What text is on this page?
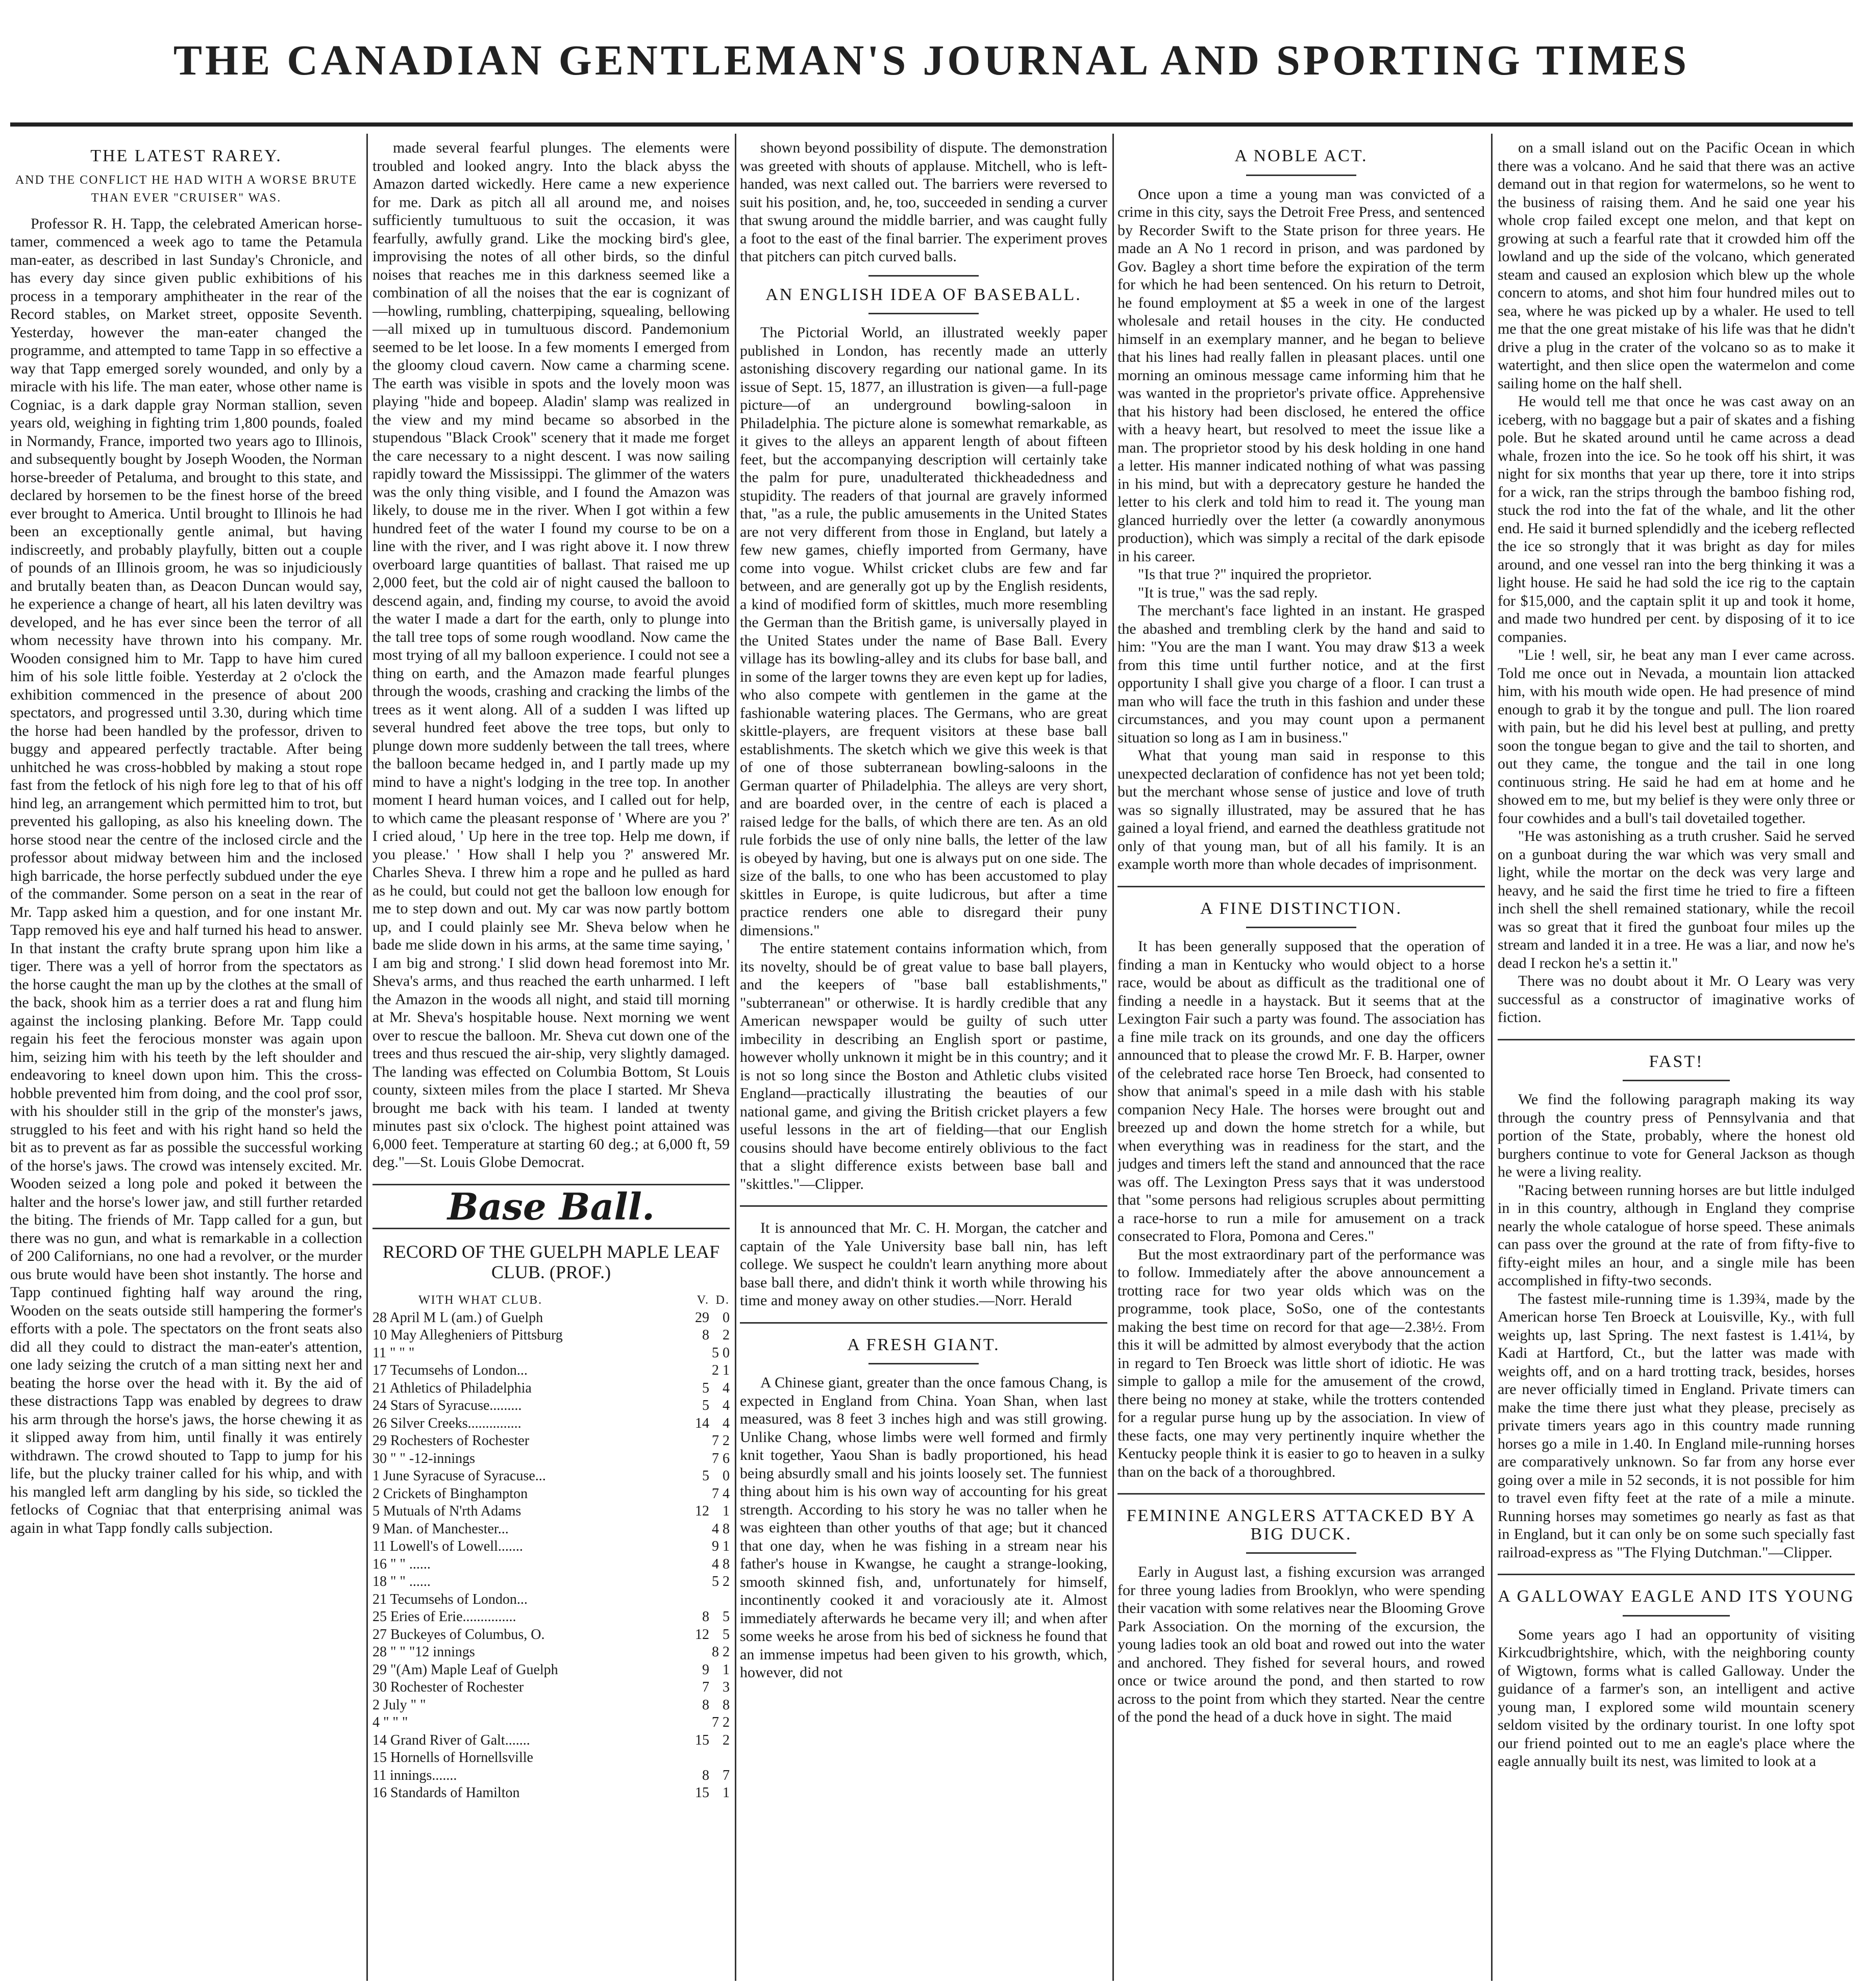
THE CANADIAN GENTLEMAN'S JOURNAL AND SPORTING TIMES
THE LATEST RAREY.
AND THE CONFLICT HE HAD WITH A WORSE BRUTE THAN EVER "CRUISER" WAS.

Professor R. H. Tapp, the celebrated American horse-tamer, commenced a week ago to tame the Petamula man-eater, as described in last Sunday's Chronicle, and has every day since given public exhibitions of his process in a temporary amphitheater in the rear of the Record stables, on Market street, opposite Seventh. Yesterday, however the man-eater changed the programme, and attempted to tame Tapp in so effective a way that Tapp emerged sorely wounded, and only by a miracle with his life. The man eater, whose other name is Cogniac, is a dark dapple gray Norman stallion, seven years old, weighing in fighting trim 1,800 pounds, foaled in Normandy, France, imported two years ago to Illinois, and subsequently bought by Joseph Wooden, the Norman horse-breeder of Petaluma, and brought to this state, and declared by horsemen to be the finest horse of the breed ever brought to America. Until brought to Illinois he had been an exceptionally gentle animal, but having indiscreetly, and probably playfully, bitten out a couple of pounds of an Illinois groom, he was so injudiciously and brutally beaten than, as Deacon Duncan would say, he experience a change of heart, all his laten deviltry was developed, and he has ever since been the terror of all whom necessity have thrown into his company. Mr. Wooden consigned him to Mr. Tapp to have him cured him of his sole little foible. Yesterday at 2 o'clock the exhibition commenced in the presence of about 200 spectators, and progressed until 3.30, during which time the horse had been handled by the professor, driven to buggy and appeared perfectly tractable. After being unhitched he was cross-hobbled by making a stout rope fast from the fetlock of his nigh fore leg to that of his off hind leg, an arrangement which permitted him to trot, but prevented his galloping, as also his kneeling down. The horse stood near the centre of the inclosed circle and the professor about midway between him and the inclosed high barricade, the horse perfectly subdued under the eye of the commander. Some person on a seat in the rear of Mr. Tapp asked him a question, and for one instant Mr. Tapp removed his eye and half turned his head to answer. In that instant the crafty brute sprang upon him like a tiger. There was a yell of horror from the spectators as the horse caught the man up by the clothes at the small of the back, shook him as a terrier does a rat and flung him against the inclosing planking. Before Mr. Tapp could regain his feet the ferocious monster was again upon him, seizing him with his teeth by the left shoulder and endeavoring to kneel down upon him. This the cross-hobble prevented him from doing, and the cool prof ssor, with his shoulder still in the grip of the monster's jaws, struggled to his feet and with his right hand so held the bit as to prevent as far as possible the successful working of the horse's jaws. The crowd was intensely excited. Mr. Wooden seized a long pole and poked it between the halter and the horse's lower jaw, and still further retarded the biting. The friends of Mr. Tapp called for a gun, but there was no gun, and what is remarkable in a collection of 200 Californians, no one had a revolver, or the murder ous brute would have been shot instantly. The horse and Tapp continued fighting half way around the ring, Wooden on the seats outside still hampering the former's efforts with a pole. The spectators on the front seats also did all they could to distract the man-eater's attention, one lady seizing the crutch of a man sitting next her and beating the horse over the head with it. By the aid of these distractions Tapp was enabled by degrees to draw his arm through the horse's jaws, the horse chewing it as it slipped away from him, until finally it was entirely withdrawn. The crowd shouted to Tapp to jump for his life, but the plucky trainer called for his whip, and with his mangled left arm dangling by his side, so tickled the fetlocks of Cogniac that that enterprising animal was again in what Tapp fondly calls subjection.

made several fearful plunges. The elements were troubled and looked angry. Into the black abyss the Amazon darted wickedly. Here came a new experience for me. Dark as pitch all all around me, and noises sufficiently tumultuous to suit the occasion, it was fearfully, awfully grand. Like the mocking bird's glee, improvising the notes of all other birds, so the dinful noises that reaches me in this darkness seemed like a combination of all the noises that the ear is cognizant of—howling, rumbling, chatterpiping, squealing, bellowing—all mixed up in tumultuous discord. Pandemonium seemed to be let loose. In a few moments I emerged from the gloomy cloud cavern. Now came a charming scene. The earth was visible in spots and the lovely moon was playing "hide and bopeep. Aladin' slamp was realized in the view and my mind became so absorbed in the stupendous "Black Crook" scenery that it made me forget the care necessary to a night descent. I was now sailing rapidly toward the Mississippi. The glimmer of the waters was the only thing visible, and I found the Amazon was likely, to douse me in the river. When I got within a few hundred feet of the water I found my course to be on a line with the river, and I was right above it. I now threw overboard large quantities of ballast. That raised me up 2,000 feet, but the cold air of night caused the balloon to descend again, and, finding my course, to avoid the avoid the water I made a dart for the earth, only to plunge into the tall tree tops of some rough woodland. Now came the most trying of all my balloon experience. I could not see a thing on earth, and the Amazon made fearful plunges through the woods, crashing and cracking the limbs of the trees as it went along. All of a sudden I was lifted up several hundred feet above the tree tops, but only to plunge down more suddenly between the tall trees, where the balloon became hedged in, and I partly made up my mind to have a night's lodging in the tree top. In another moment I heard human voices, and I called out for help, to which came the pleasant response of ' Where are you ?' I cried aloud, ' Up here in the tree top. Help me down, if you please.' ' How shall I help you ?' answered Mr. Charles Sheva. I threw him a rope and he pulled as hard as he could, but could not get the balloon low enough for me to step down and out. My car was now partly bottom up, and I could plainly see Mr. Sheva below when he bade me slide down in his arms, at the same time saying, ' I am big and strong.' I slid down head foremost into Mr. Sheva's arms, and thus reached the earth unharmed. I left the Amazon in the woods all night, and staid till morning at Mr. Sheva's hospitable house. Next morning we went over to rescue the balloon. Mr. Sheva cut down one of the trees and thus rescued the air-ship, very slightly damaged. The landing was effected on Columbia Bottom, St Louis county, sixteen miles from the place I started. Mr Sheva brought me back with his team. I landed at twenty minutes past six o'clock. The highest point attained was 6,000 feet. Temperature at starting 60 deg.; at 6,000 ft, 59 deg."—St. Louis Globe Democrat.

Base Ball.
RECORD OF THE GUELPH MAPLE LEAF CLUB. (PROF.)
WITH WHAT CLUB.	V.	D.
28 April M L (am.) of Guelph	29	0
10 May Allegheniers of Pittsburg	8	2
11 " " "		5 0
17 Tecumsehs of London...		2 1
21 Athletics of Philadelphia	5	4
24 Stars of Syracuse.........	5	4
26 Silver Creeks...............	14	4
29 Rochesters of Rochester		7 2
30 " " -12-innings		7 6
1 June Syracuse of Syracuse...	5	0
2 Crickets of Binghampton		7 4
5 Mutuals of N'rth Adams	12	1
9 Man. of Manchester...		4 8
11 Lowell's of Lowell.......		9 1
16 " " ......		4 8
18 " " ......		5 2
21 Tecumsehs of London...		
25 Eries of Erie...............	8	5
27 Buckeyes of Columbus, O.	12	5
28 " " "12 innings		8 2
29 "(Am) Maple Leaf of Guelph	9	1
30 Rochester of Rochester	7	3
2 July " "	8	8
4 " " "		7 2
14 Grand River of Galt.......	15	2
15 Hornells of Hornellsville		
11 innings.......	8	7
16 Standards of Hamilton	15	1

shown beyond possibility of dispute. The demonstration was greeted with shouts of applause. Mitchell, who is left-handed, was next called out. The barriers were reversed to suit his position, and, he, too, succeeded in sending a curver that swung around the middle barrier, and was caught fully a foot to the east of the final barrier. The experiment proves that pitchers can pitch curved balls.

AN ENGLISH IDEA OF BASEBALL.

The Pictorial World, an illustrated weekly paper published in London, has recently made an utterly astonishing discovery regarding our national game. In its issue of Sept. 15, 1877, an illustration is given—a full-page picture—of an underground bowling-saloon in Philadelphia. The picture alone is somewhat remarkable, as it gives to the alleys an apparent length of about fifteen feet, but the accompanying description will certainly take the palm for pure, unadulterated thickheadedness and stupidity. The readers of that journal are gravely informed that, "as a rule, the public amusements in the United States are not very different from those in England, but lately a few new games, chiefly imported from Germany, have come into vogue. Whilst cricket clubs are few and far between, and are generally got up by the English residents, a kind of modified form of skittles, much more resembling the German than the British game, is universally played in the United States under the name of Base Ball. Every village has its bowling-alley and its clubs for base ball, and in some of the larger towns they are even kept up for ladies, who also compete with gentlemen in the game at the fashionable watering places. The Germans, who are great skittle-players, are frequent visitors at these base ball establishments. The sketch which we give this week is that of one of those subterranean bowling-saloons in the German quarter of Philadelphia. The alleys are very short, and are boarded over, in the centre of each is placed a raised ledge for the balls, of which there are ten. As an old rule forbids the use of only nine balls, the letter of the law is obeyed by having, but one is always put on one side. The size of the balls, to one who has been accustomed to play skittles in Europe, is quite ludicrous, but after a time practice renders one able to disregard their puny dimensions."

The entire statement contains information which, from its novelty, should be of great value to base ball players, and the keepers of "base ball establishments," "subterranean" or otherwise. It is hardly credible that any American newspaper would be guilty of such utter imbecility in describing an English sport or pastime, however wholly unknown it might be in this country; and it is not so long since the Boston and Athletic clubs visited England—practically illustrating the beauties of our national game, and giving the British cricket players a few useful lessons in the art of fielding—that our English cousins should have become entirely oblivious to the fact that a slight difference exists between base ball and "skittles."—Clipper.

It is announced that Mr. C. H. Morgan, the catcher and captain of the Yale University base ball nin, has left college. We suspect he couldn't learn anything more about base ball there, and didn't think it worth while throwing his time and money away on other studies.—Norr. Herald

A FRESH GIANT.

A Chinese giant, greater than the once famous Chang, is expected in England from China. Yoan Shan, when last measured, was 8 feet 3 inches high and was still growing. Unlike Chang, whose limbs were well formed and firmly knit together, Yaou Shan is badly proportioned, his head being absurdly small and his joints loosely set. The funniest thing about him is his own way of accounting for his great strength. According to his story he was no taller when he was eighteen than other youths of that age; but it chanced that one day, when he was fishing in a stream near his father's house in Kwangse, he caught a strange-looking, smooth skinned fish, and, unfortunately for himself, incontinently cooked it and voraciously ate it. Almost immediately afterwards he became very ill; and when after some weeks he arose from his bed of sickness he found that an immense impetus had been given to his growth, which, however, did not

A NOBLE ACT.

Once upon a time a young man was convicted of a crime in this city, says the Detroit Free Press, and sentenced by Recorder Swift to the State prison for three years. He made an A No 1 record in prison, and was pardoned by Gov. Bagley a short time before the expiration of the term for which he had been sentenced. On his return to Detroit, he found employment at $5 a week in one of the largest wholesale and retail houses in the city. He conducted himself in an exemplary manner, and he began to believe that his lines had really fallen in pleasant places. until one morning an ominous message came informing him that he was wanted in the proprietor's private office. Apprehensive that his history had been disclosed, he entered the office with a heavy heart, but resolved to meet the issue like a man. The proprietor stood by his desk holding in one hand a letter. His manner indicated nothing of what was passing in his mind, but with a deprecatory gesture he handed the letter to his clerk and told him to read it. The young man glanced hurriedly over the letter (a cowardly anonymous production), which was simply a recital of the dark episode in his career.

"Is that true ?" inquired the proprietor.

"It is true," was the sad reply.

The merchant's face lighted in an instant. He grasped the abashed and trembling clerk by the hand and said to him: "You are the man I want. You may draw $13 a week from this time until further notice, and at the first opportunity I shall give you charge of a floor. I can trust a man who will face the truth in this fashion and under these circumstances, and you may count upon a permanent situation so long as I am in business."

What that young man said in response to this unexpected declaration of confidence has not yet been told; but the merchant whose sense of justice and love of truth was so signally illustrated, may be assured that he has gained a loyal friend, and earned the deathless gratitude not only of that young man, but of all his family. It is an example worth more than whole decades of imprisonment.

A FINE DISTINCTION.

It has been generally supposed that the operation of finding a man in Kentucky who would object to a horse race, would be about as difficult as the traditional one of finding a needle in a haystack. But it seems that at the Lexington Fair such a party was found. The association has a fine mile track on its grounds, and one day the officers announced that to please the crowd Mr. F. B. Harper, owner of the celebrated race horse Ten Broeck, had consented to show that animal's speed in a mile dash with his stable companion Necy Hale. The horses were brought out and breezed up and down the home stretch for a while, but when everything was in readiness for the start, and the judges and timers left the stand and announced that the race was off. The Lexington Press says that it was understood that "some persons had religious scruples about permitting a race-horse to run a mile for amusement on a track consecrated to Flora, Pomona and Ceres."

But the most extraordinary part of the performance was to follow. Immediately after the above announcement a trotting race for two year olds which was on the programme, took place, SoSo, one of the contestants making the best time on record for that age—2.38½. From this it will be admitted by almost everybody that the action in regard to Ten Broeck was little short of idiotic. He was simple to gallop a mile for the amusement of the crowd, there being no money at stake, while the trotters contended for a regular purse hung up by the association. In view of these facts, one may very pertinently inquire whether the Kentucky people think it is easier to go to heaven in a sulky than on the back of a thoroughbred.

FEMININE ANGLERS ATTACKED BY A BIG DUCK.

Early in August last, a fishing excursion was arranged for three young ladies from Brooklyn, who were spending their vacation with some relatives near the Blooming Grove Park Association. On the morning of the excursion, the young ladies took an old boat and rowed out into the water and anchored. They fished for several hours, and rowed once or twice around the pond, and then started to row across to the point from which they started. Near the centre of the pond the head of a duck hove in sight. The maid

on a small island out on the Pacific Ocean in which there was a volcano. And he said that there was an active demand out in that region for watermelons, so he went to the business of raising them. And he said one year his whole crop failed except one melon, and that kept on growing at such a fearful rate that it crowded him off the lowland and up the side of the volcano, which generated steam and caused an explosion which blew up the whole concern to atoms, and shot him four hundred miles out to sea, where he was picked up by a whaler. He used to tell me that the one great mistake of his life was that he didn't drive a plug in the crater of the volcano so as to make it watertight, and then slice open the watermelon and come sailing home on the half shell.

He would tell me that once he was cast away on an iceberg, with no baggage but a pair of skates and a fishing pole. But he skated around until he came across a dead whale, frozen into the ice. So he took off his shirt, it was night for six months that year up there, tore it into strips for a wick, ran the strips through the bamboo fishing rod, stuck the rod into the fat of the whale, and lit the other end. He said it burned splendidly and the iceberg reflected the ice so strongly that it was bright as day for miles around, and one vessel ran into the berg thinking it was a light house. He said he had sold the ice rig to the captain for $15,000, and the captain split it up and took it home, and made two hundred per cent. by disposing of it to ice companies.

"Lie ! well, sir, he beat any man I ever came across. Told me once out in Nevada, a mountain lion attacked him, with his mouth wide open. He had presence of mind enough to grab it by the tongue and pull. The lion roared with pain, but he did his level best at pulling, and pretty soon the tongue began to give and the tail to shorten, and out they came, the tongue and the tail in one long continuous string. He said he had em at home and he showed em to me, but my belief is they were only three or four cowhides and a bull's tail dovetailed together.

"He was astonishing as a truth crusher. Said he served on a gunboat during the war which was very small and light, while the mortar on the deck was very large and heavy, and he said the first time he tried to fire a fifteen inch shell the shell remained stationary, while the recoil was so great that it fired the gunboat four miles up the stream and landed it in a tree. He was a liar, and now he's dead I reckon he's a settin it."

There was no doubt about it Mr. O Leary was very successful as a constructor of imaginative works of fiction.

FAST!

We find the following paragraph making its way through the country press of Pennsylvania and that portion of the State, probably, where the honest old burghers continue to vote for General Jackson as though he were a living reality.

"Racing between running horses are but little indulged in in this country, although in England they comprise nearly the whole catalogue of horse speed. These animals can pass over the ground at the rate of from fifty-five to fifty-eight miles an hour, and a single mile has been accomplished in fifty-two seconds.

The fastest mile-running time is 1.39¾, made by the American horse Ten Broeck at Louisville, Ky., with full weights up, last Spring. The next fastest is 1.41¼, by Kadi at Hartford, Ct., but the latter was made with weights off, and on a hard trotting track, besides, horses are never officially timed in England. Private timers can make the time there just what they please, precisely as private timers years ago in this country made running horses go a mile in 1.40. In England mile-running horses are comparatively unknown. So far from any horse ever going over a mile in 52 seconds, it is not possible for him to travel even fifty feet at the rate of a mile a minute. Running horses may sometimes go nearly as fast as that in England, but it can only be on some such specially fast railroad-express as "The Flying Dutchman."—Clipper.

A GALLOWAY EAGLE AND ITS YOUNG

Some years ago I had an opportunity of visiting Kirkcudbrightshire, which, with the neighboring county of Wigtown, forms what is called Galloway. Under the guidance of a farmer's son, an intelligent and active young man, I explored some wild mountain scenery seldom visited by the ordinary tourist. In one lofty spot our friend pointed out to me an eagle's place where the eagle annually built its nest, was limited to look at a
